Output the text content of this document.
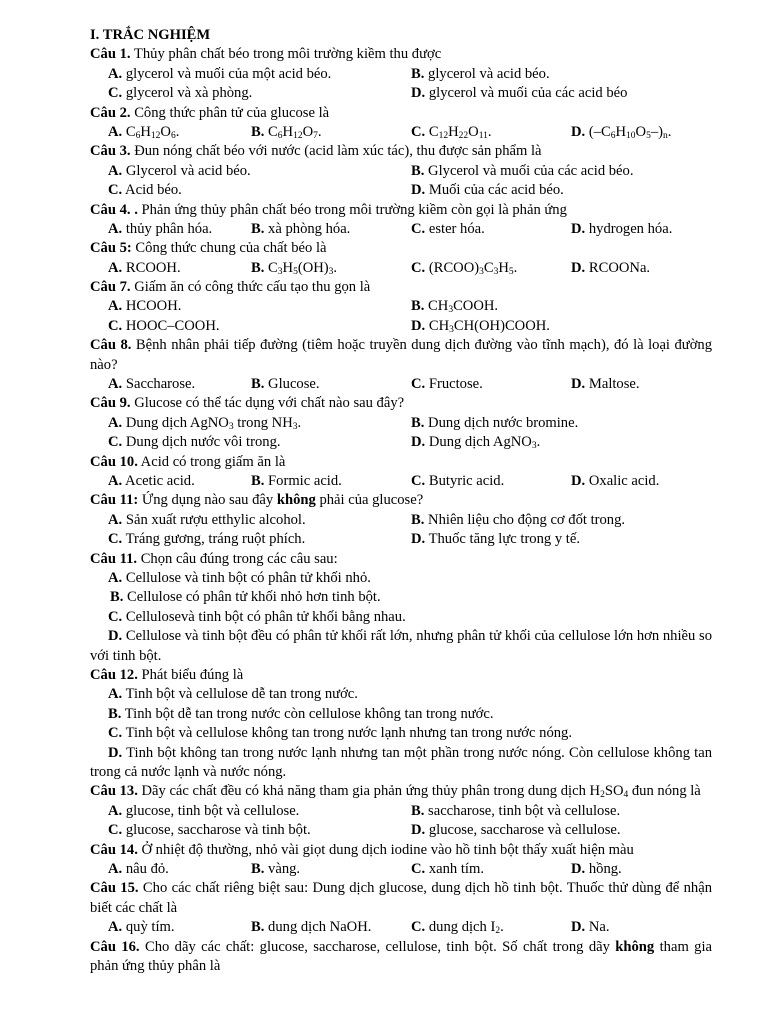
I. TRẮC NGHIỆM
Câu 1. Thủy phân chất béo trong môi trường kiềm thu được
A. glycerol và muối của một acid béo.	B. glycerol và acid béo.
C. glycerol và xà phòng.	D. glycerol và muối của các acid béo
Câu 2. Công thức phân tử của glucose là
A. $C_6H_{12}O_6$.	B. $C_6H_{12}O_7$.	C. $C_{12}H_{22}O_{11}$.	D. $(-C_6H_{10}O_5-)_n$.
Câu 3. Đun nóng chất béo với nước (acid làm xúc tác), thu được sản phẩm là
A. Glycerol và acid béo.	B. Glycerol và muối của các acid béo.
C. Acid béo.	D. Muối của các acid béo.
Câu 4. . Phản ứng thủy phân chất béo trong môi trường kiềm còn gọi là phản ứng
A. thủy phân hóa.	B. xà phòng hóa.	C. ester hóa.	D. hydrogen hóa.
Câu 5: Công thức chung của chất béo là
A. RCOOH.	B. $C_3H_5(OH)_3$.	C. $(RCOO)_3C_3H_5$.	D. RCOONa.
Câu 7. Giấm ăn có công thức cấu tạo thu gọn là
A. HCOOH.	B. $CH_3COOH$.
C. HOOC–COOH.	D. $CH_3CH(OH)COOH$.
Câu 8. Bệnh nhân phải tiếp đường (tiêm hoặc truyền dung dịch đường vào tĩnh mạch), đó là loại đường nào?
A. Saccharose.	B. Glucose.	C. Fructose.	D. Maltose.
Câu 9. Glucose có thể tác dụng với chất nào sau đây?
A. Dung dịch AgNO$_3$ trong $NH_3$.	B. Dung dịch nước bromine.
C. Dung dịch nước vôi trong.	D. Dung dịch AgNO$_3$.
Câu 10. Acid có trong giấm ăn là
A. Acetic acid.	B. Formic acid.	C. Butyric acid.	D. Oxalic acid.
Câu 11: Ứng dụng nào sau đây không phải của glucose?
A. Sản xuất rượu etthylic alcohol.	B. Nhiên liệu cho động cơ đốt trong.
C. Tráng gương, tráng ruột phích.	D. Thuốc tăng lực trong y tế.
Câu 11. Chọn câu đúng trong các câu sau:
A. Cellulose và tinh bột có phân tử khối nhỏ.
B. Cellulose có phân tử khối nhỏ hơn tinh bột.
C. Cellulosevà tinh bột có phân tử khối bằng nhau.
D. Cellulose và tinh bột đều có phân tử khối rất lớn, nhưng phân tử khối của cellulose lớn hơn nhiều so với tinh bột.
Câu 12. Phát biểu đúng là
A. Tinh bột và cellulose dễ tan trong nước.
B. Tinh bột dễ tan trong nước còn cellulose không tan trong nước.
C. Tinh bột và cellulose không tan trong nước lạnh nhưng tan trong nước nóng.
D. Tinh bột không tan trong nước lạnh nhưng tan một phần trong nước nóng. Còn cellulose không tan trong cả nước lạnh và nước nóng.
Câu 13. Dãy các chất đều có khả năng tham gia phản ứng thủy phân trong dung dịch $H_2SO_4$ đun nóng là
A. glucose, tinh bột và cellulose.	B. saccharose, tinh bột và cellulose.
C. glucose, saccharose và tinh bột.	D. glucose, saccharose và cellulose.
Câu 14. Ở nhiệt độ thường, nhỏ vài giọt dung dịch iodine vào hồ tinh bột thấy xuất hiện màu
A. nâu đỏ.	B. vàng.	C. xanh tím.	D. hồng.
Câu 15. Cho các chất riêng biệt sau: Dung dịch glucose, dung dịch hồ tinh bột. Thuốc thử dùng để nhận biết các chất là
A. quỳ tím.	B. dung dịch NaOH.	C. dung dịch $I_2$.	D. Na.
Câu 16. Cho dãy các chất: glucose, saccharose, cellulose, tinh bột. Số chất trong dãy không tham gia phản ứng thủy phân là
